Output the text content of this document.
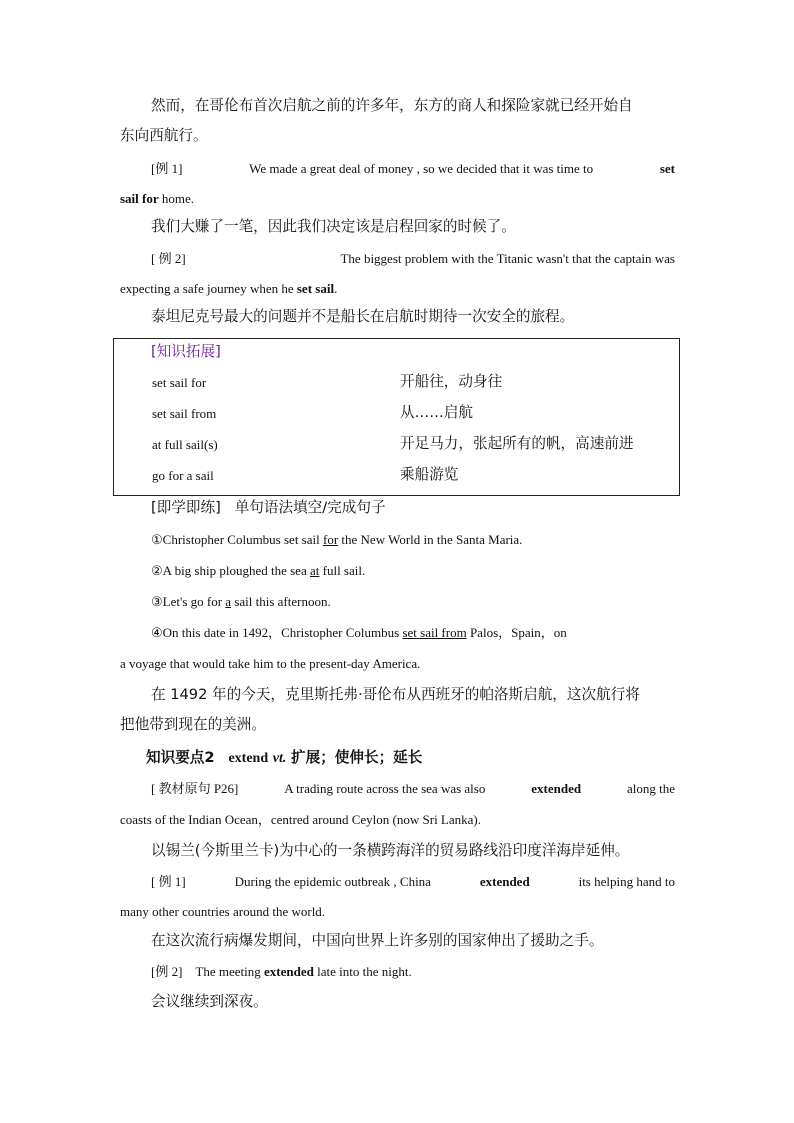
然而，在哥伦布首次启航之前的许多年，东方的商人和探险家就已经开始自
东向西航行。
[例 1]	We made a great deal of money , so we decided that it was time to	set
sail for home.
我们大赚了一笔，因此我们决定该是启程回家的时候了。
[ 例 2]	The biggest problem with the Titanic wasn't that the captain was
expecting a safe journey when he set sail.
泰坦尼克号最大的问题并不是船长在启航时期待一次安全的旅程。
[知识拓展]
set sail for	开船往，动身往
set sail from	从……启航
at full sail(s)	开足马力，张起所有的帆，高速前进
go for a sail	乘船游览
[即学即练] 单句语法填空/完成句子
①Christopher Columbus set sail for the New World in the Santa Maria.
②A big ship ploughed the sea at full sail.
③Let's go for a sail this afternoon.
④On this date in 1492，Christopher Columbus set sail from Palos，Spain，on
a voyage that would take him to the present-day America.
在 1492 年的今天，克里斯托弗·哥伦布从西班牙的帕洛斯启航，这次航行将
把他带到现在的美洲。
知识要点2 extend vt. 扩展；使伸长；延长
[ 教材原句 P26]	A trading route across the sea was also	extended	along the
coasts of the Indian Ocean，centred around Ceylon (now Sri Lanka).
以锡兰(今斯里兰卡)为中心的一条横跨海洋的贸易路线沿印度洋海岸延伸。
[ 例 1]	During the epidemic outbreak , China	extended	its helping hand to
many other countries around the world.
在这次流行病爆发期间，中国向世界上许多别的国家伸出了援助之手。
[例 2] The meeting extended late into the night.
会议继续到深夜。
